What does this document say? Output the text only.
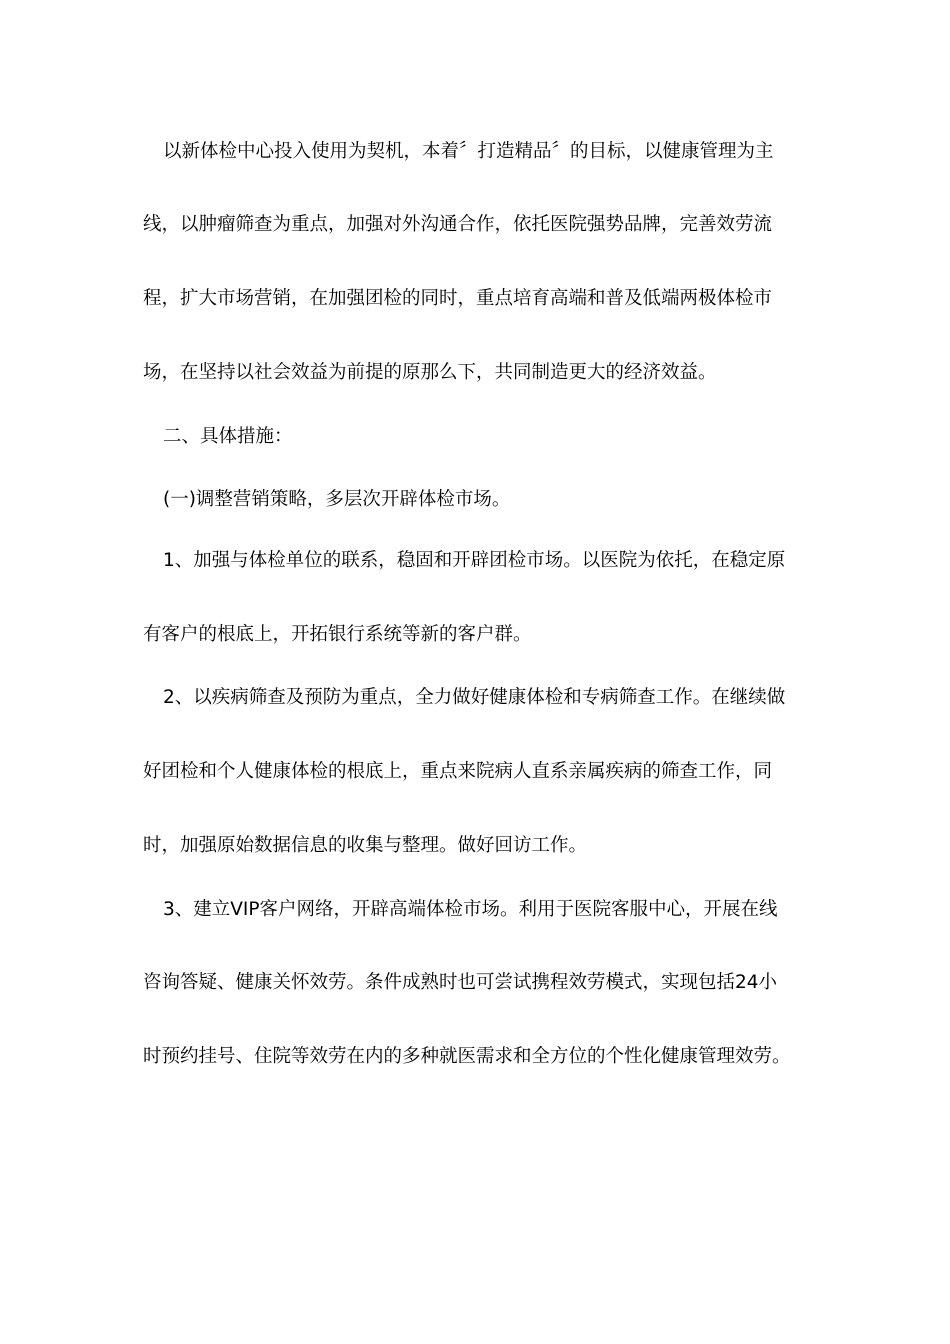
以新体检中心投入使用为契机，本着〞打造精品〞的目标，以健康管理为主
线，以肿瘤筛查为重点，加强对外沟通合作，依托医院强势品牌，完善效劳流
程，扩大市场营销，在加强团检的同时，重点培育高端和普及低端两极体检市
场，在坚持以社会效益为前提的原那么下，共同制造更大的经济效益。
二、具体措施：
(一)调整营销策略，多层次开辟体检市场。
1、加强与体检单位的联系，稳固和开辟团检市场。以医院为依托，在稳定原
有客户的根底上，开拓银行系统等新的客户群。
2、以疾病筛查及预防为重点，全力做好健康体检和专病筛查工作。在继续做
好团检和个人健康体检的根底上，重点来院病人直系亲属疾病的筛查工作，同
时，加强原始数据信息的收集与整理。做好回访工作。
3、建立VIP客户网络，开辟高端体检市场。利用于医院客服中心，开展在线
咨询答疑、健康关怀效劳。条件成熟时也可尝试携程效劳模式，实现包括24小
时预约挂号、住院等效劳在内的多种就医需求和全方位的个性化健康管理效劳。
